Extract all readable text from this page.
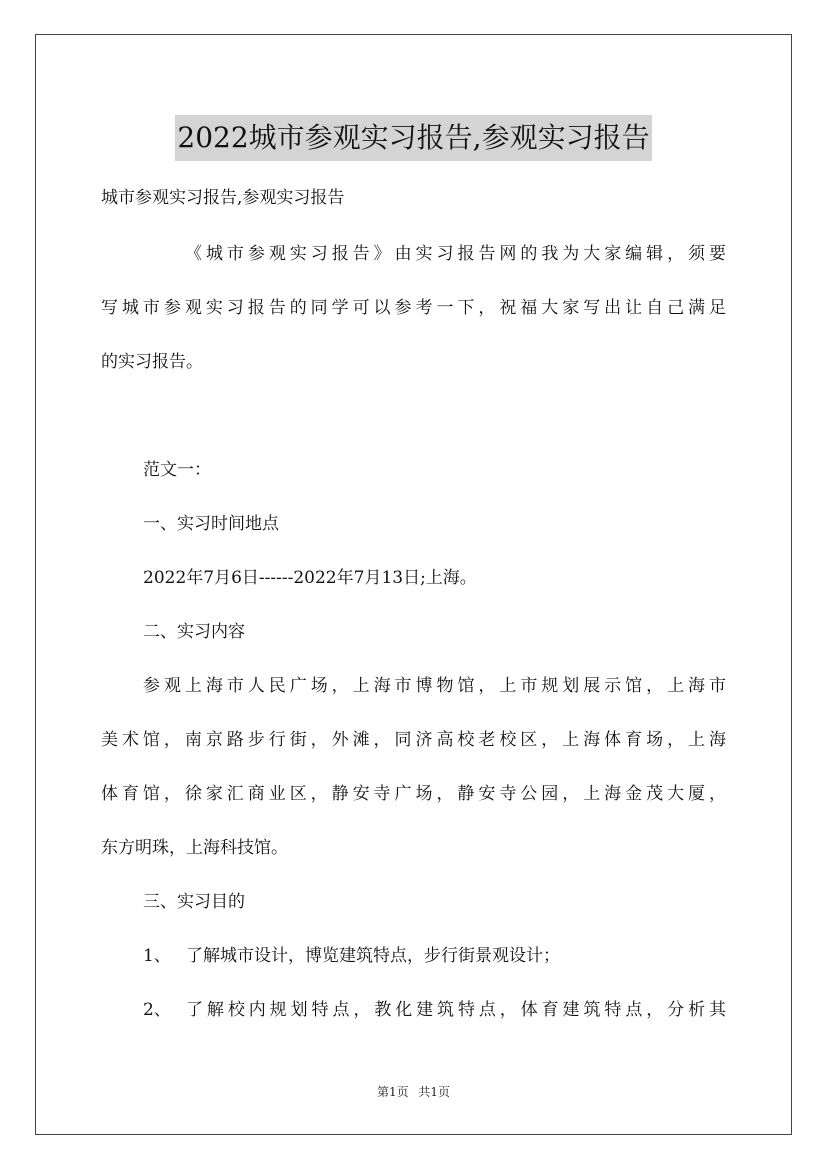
2022城市参观实习报告,参观实习报告
城市参观实习报告,参观实习报告
《城市参观实习报告》由实习报告网的我为大家编辑，须要
写城市参观实习报告的同学可以参考一下，祝福大家写出让自己满足
的实习报告。
范文一：
一、实习时间地点
2022年7月6日------2022年7月13日;上海。
二、实习内容
参观上海市人民广场，上海市博物馆，上市规划展示馆，上海市
美术馆，南京路步行街，外滩，同济高校老校区，上海体育场，上海
体育馆，徐家汇商业区，静安寺广场，静安寺公园，上海金茂大厦，
东方明珠，上海科技馆。
三、实习目的
1、 了解城市设计，博览建筑特点，步行街景观设计；
2、 了解校内规划特点，教化建筑特点，体育建筑特点，分析其
第1页 共1页
